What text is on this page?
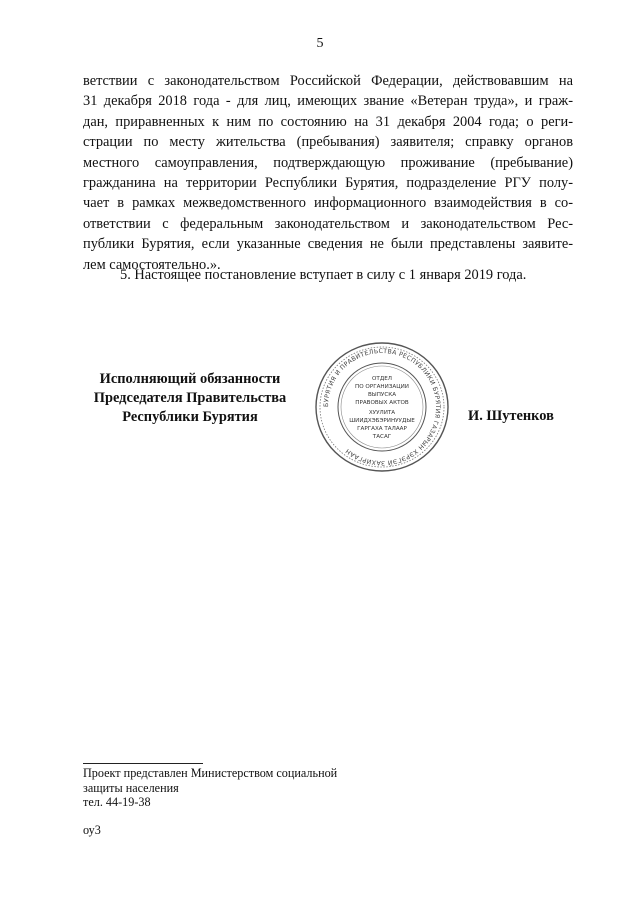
5
ветствии с законодательством Российской Федерации, действовавшим на
31 декабря 2018 года - для лиц, имеющих звание «Ветеран труда», и граж-
дан, приравненных к ним по состоянию на 31 декабря 2004 года; о реги-
страции по месту жительства (пребывания) заявителя; справку органов
местного самоуправления, подтверждающую проживание (пребывание)
гражданина на территории Республики Бурятия, подразделение РГУ полу-
чает в рамках межведомственного информационного взаимодействия в со-
ответствии с федеральным законодательством и законодательством Рес-
публики Бурятия, если указанные сведения не были представлены заявите-
лем самостоятельно.».
5. Настоящее постановление вступает в силу с 1 января 2019 года.
Исполняющий обязанности
Председателя Правительства
Республики Бурятия
БУРЯТИЯ И ПРАВИТЕЛЬСТВА РЕСПУБЛИКИ БУРЯТИЯ ГАЗАРЫН ХЭРЭГЭЙ ЗАХИРГААН
ОТДЕЛ
ПО ОРГАНИЗАЦИИ
ВЫПУСКА
ПРАВОВЫХ АКТОВ
ХУУЛИТА
ШИИДХЭБЭРИНУУДЫЕ
ГАРГАХА ТАЛААР
ТАСАГ
И. Шутенков
Проект представлен Министерством социальной
защиты населения
тел. 44-19-38
оу3
